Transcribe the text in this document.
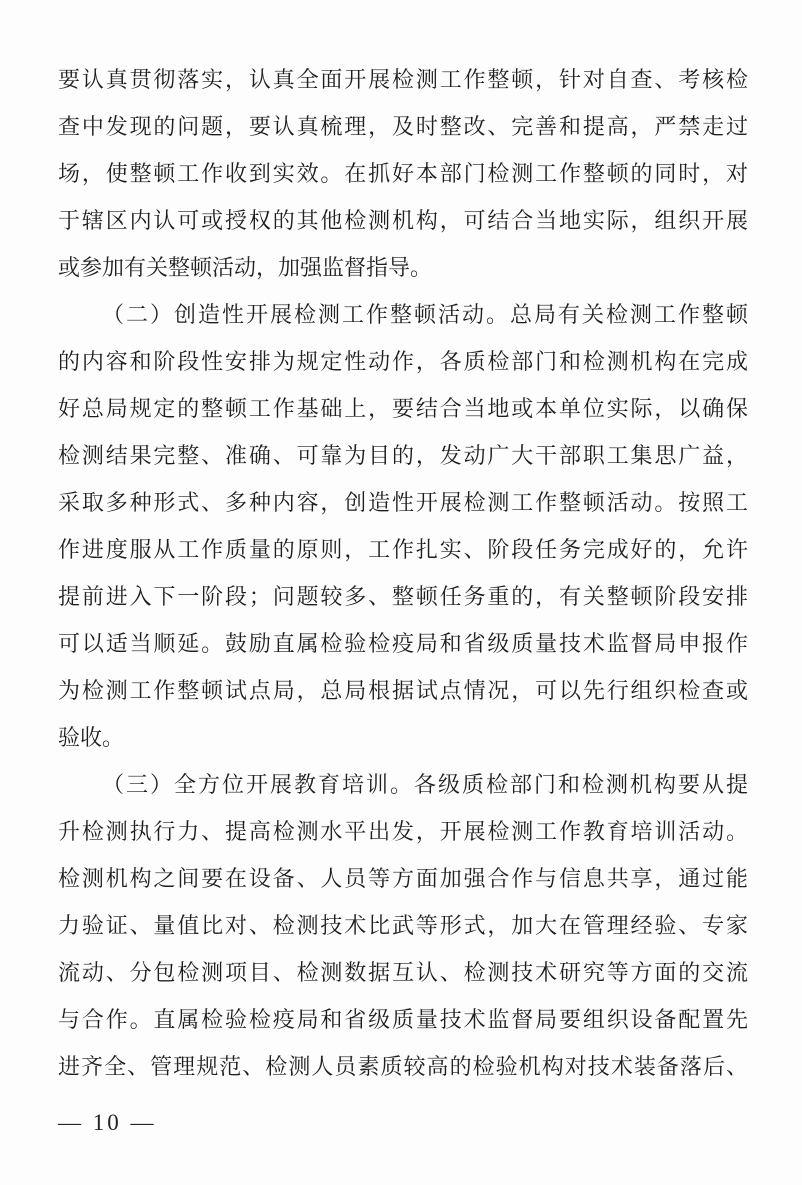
要认真贯彻落实，认真全面开展检测工作整顿，针对自查、考核检
查中发现的问题，要认真梳理，及时整改、完善和提高，严禁走过
场，使整顿工作收到实效。在抓好本部门检测工作整顿的同时，对
于辖区内认可或授权的其他检测机构，可结合当地实际，组织开展
或参加有关整顿活动，加强监督指导。
（二）创造性开展检测工作整顿活动。总局有关检测工作整顿
的内容和阶段性安排为规定性动作，各质检部门和检测机构在完成
好总局规定的整顿工作基础上，要结合当地或本单位实际，以确保
检测结果完整、准确、可靠为目的，发动广大干部职工集思广益，
采取多种形式、多种内容，创造性开展检测工作整顿活动。按照工
作进度服从工作质量的原则，工作扎实、阶段任务完成好的，允许
提前进入下一阶段；问题较多、整顿任务重的，有关整顿阶段安排
可以适当顺延。鼓励直属检验检疫局和省级质量技术监督局申报作
为检测工作整顿试点局，总局根据试点情况，可以先行组织检查或
验收。
（三）全方位开展教育培训。各级质检部门和检测机构要从提
升检测执行力、提高检测水平出发，开展检测工作教育培训活动。
检测机构之间要在设备、人员等方面加强合作与信息共享，通过能
力验证、量值比对、检测技术比武等形式，加大在管理经验、专家
流动、分包检测项目、检测数据互认、检测技术研究等方面的交流
与合作。直属检验检疫局和省级质量技术监督局要组织设备配置先
进齐全、管理规范、检测人员素质较高的检验机构对技术装备落后、
— 10 —
